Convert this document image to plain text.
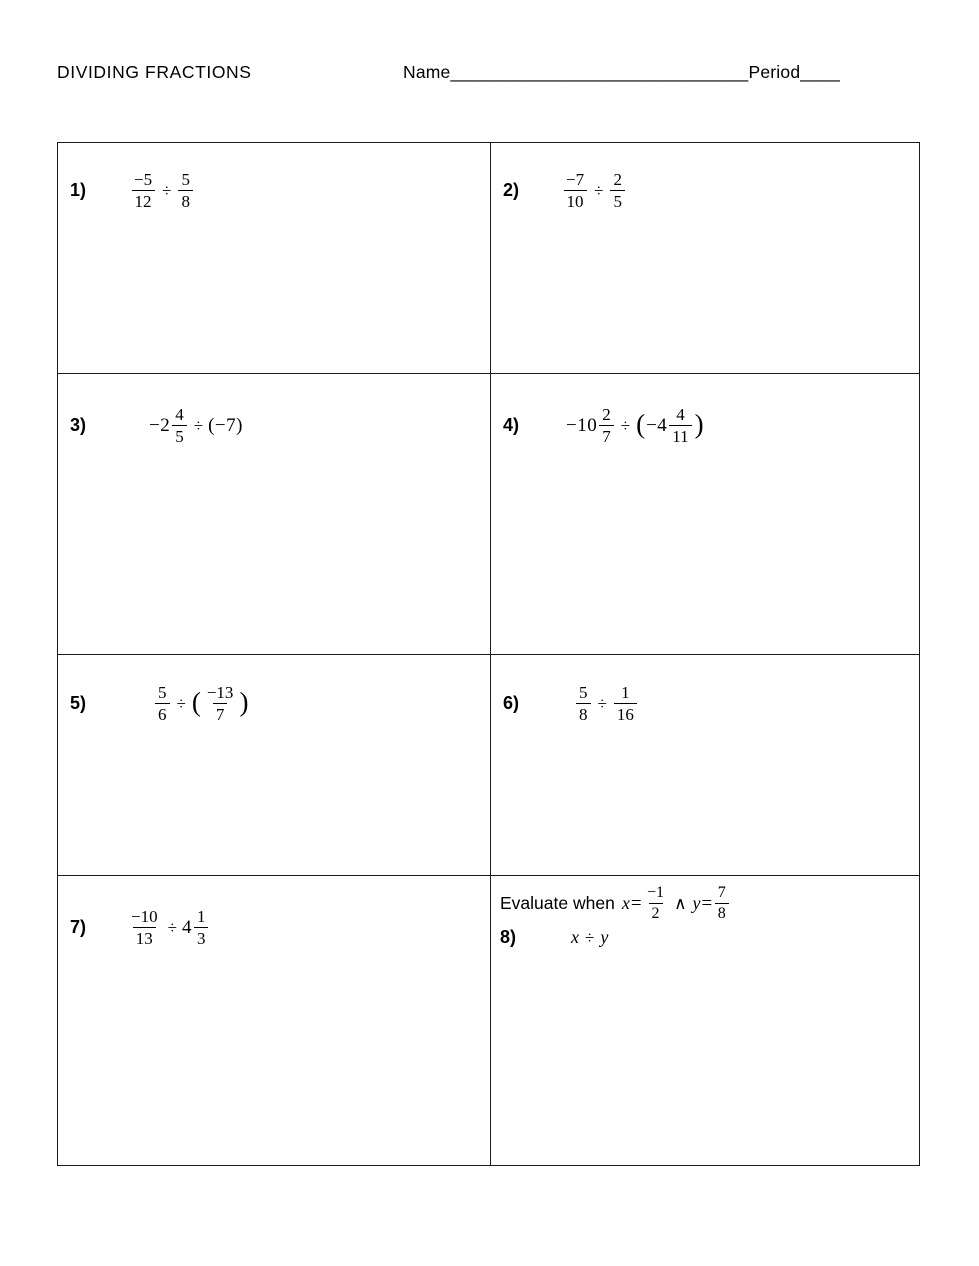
DIVIDING FRACTIONS	Name______________________________Period____
1)	$\frac{-5}{12} \div \frac{5}{8}$	2)	$\frac{-7}{10} \div \frac{2}{5}$
3)	$-2 \frac{4}{5} \div (-7)$	4)	$-10 \frac{2}{7}$ ÷ ( $-4 \frac{4}{11}$ )
5)	$\frac{5}{6}$ ÷ ( $\frac{-13}{7}$ )	6)	$\frac{5}{8} \div \frac{1}{16}$
7)	$\frac{-10}{13} \div 4 \frac{1}{3}$
Evaluate when $x = \frac{-1}{2}$ ∧ $y = \frac{7}{8}$
8)	x ÷ y
